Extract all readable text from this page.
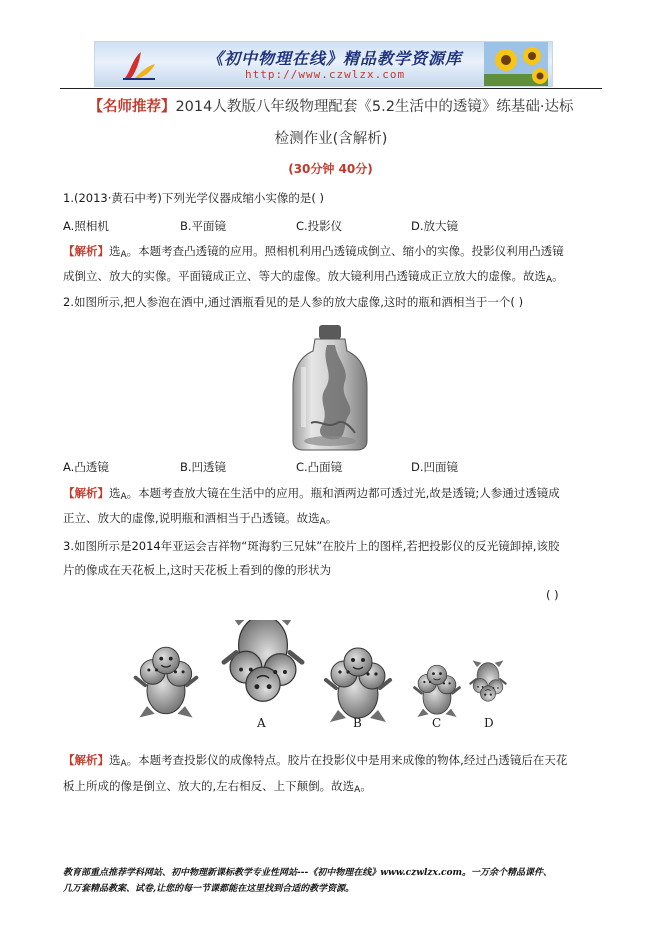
《初中物理在线》精品教学资源库
http://www.czwlzx.com
【名师推荐】2014人教版八年级物理配套《5.2生活中的透镜》练基础·达标
检测作业(含解析)
(30分钟 40分)
1.(2013·黄石中考)下列光学仪器成缩小实像的是( )
A.照相机	B.平面镜	C.投影仪	D.放大镜
【解析】选$_A$。本题考查凸透镜的应用。照相机利用凸透镜成倒立、缩小的实像。投影仪利用凸透镜
成倒立、放大的实像。平面镜成正立、等大的虚像。放大镜利用凸透镜成正立放大的虚像。故选$_A$。
2.如图所示,把人参泡在酒中,通过酒瓶看见的是人参的放大虚像,这时的瓶和酒相当于一个( )
A.凸透镜	B.凹透镜	C.凸面镜	D.凹面镜
【解析】选$_A$。本题考查放大镜在生活中的应用。瓶和酒两边都可透过光,故是透镜;人参通过透镜成
正立、放大的虚像,说明瓶和酒相当于凸透镜。故选$_A$。
3.如图所示是2014年亚运会吉祥物“斑海豹三兄妹”在胶片上的图样,若把投影仪的反光镜卸掉,该胶
片的像成在天花板上,这时天花板上看到的像的形状为
( )
A	B	C	D
【解析】选$_A$。本题考查投影仪的成像特点。胶片在投影仪中是用来成像的物体,经过凸透镜后在天花
板上所成的像是倒立、放大的,左右相反、上下颠倒。故选$_A$。
教育部重点推荐学科网站、初中物理新课标教学专业性网站---《初中物理在线》www.czwlzx.com。一万余个精品课件、
几万套精品教案、试卷,让您的每一节课都能在这里找到合适的教学资源。
